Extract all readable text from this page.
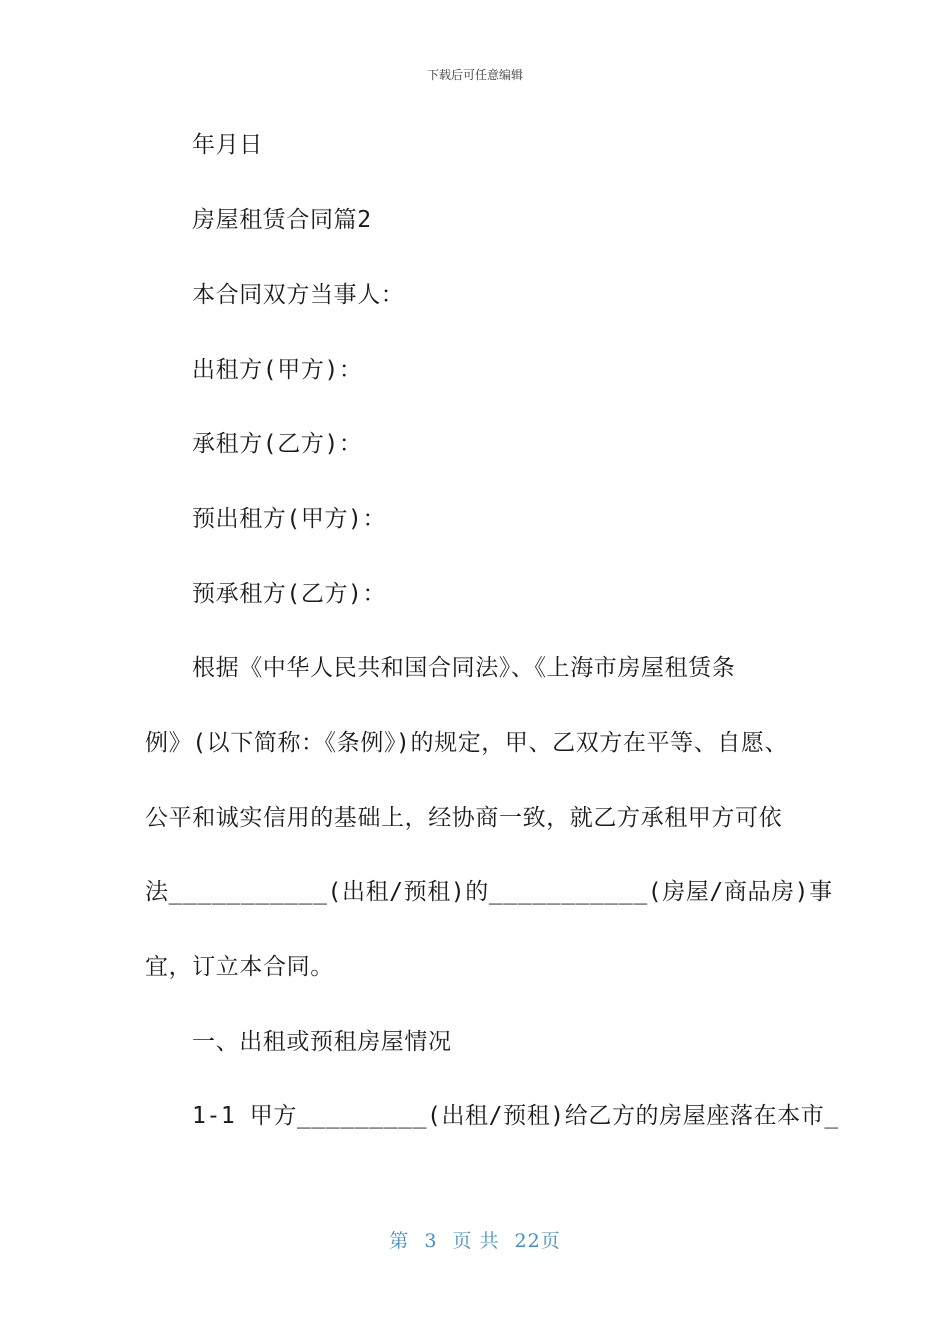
下载后可任意编辑
年月日
房屋租赁合同篇2
本合同双方当事人：
出租方(甲方)：
承租方(乙方)：
预出租方(甲方)：
预承租方(乙方)：
根据《中华人民共和国合同法》、《上海市房屋租赁条
例》(以下简称：《条例》)的规定，甲、乙双方在平等、自愿、
公平和诚实信用的基础上，经协商一致，就乙方承租甲方可依
法___________(出租/预租)的___________(房屋/商品房)事
宜，订立本合同。
一、出租或预租房屋情况
1-1 甲方_________(出租/预租)给乙方的房屋座落在本市_
第 3 页 共 22页
